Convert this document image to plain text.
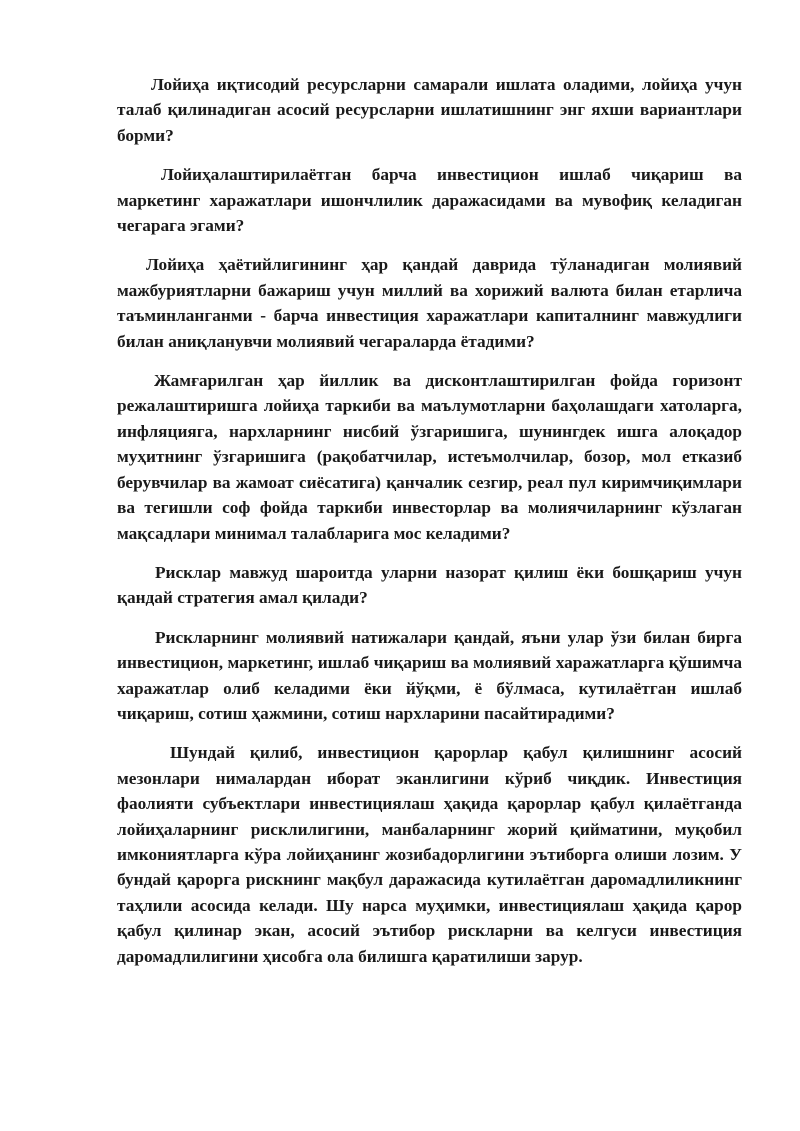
Лойиҳа иқтисодий ресурсларни самарали ишлата оладими, лойиҳа учун талаб қилинадиган асосий ресурсларни ишлатишнинг энг яхши вариантлари борми?

Лойиҳалаштирилаётган барча инвестицион ишлаб чиқариш ва маркетинг харажатлари ишончлилик даражасидами ва мувофиқ келадиган чегарага эгами?

Лойиҳа ҳаётийлигининг ҳар қандай даврида тўланадиган молиявий мажбуриятларни бажариш учун миллий ва хорижий валюта билан етарлича таъминланганми - барча инвестиция харажатлари капиталнинг мавжудлиги билан аниқланувчи молиявий чегараларда ётадими?

Жамғарилган ҳар йиллик ва дисконтлаштирилган фойда горизонт режалаштиришга лойиҳа таркиби ва маълумотларни баҳолашдаги хатоларга, инфляцияга, нархларнинг нисбий ўзгаришига, шунингдек ишга алоқадор муҳитнинг ўзгаришига (рақобатчилар, истеъмолчилар, бозор, мол етказиб берувчилар ва жамоат сиёсатига) қанчалик сезгир, реал пул киримчиқимлари ва тегишли соф фойда таркиби инвесторлар ва молиячиларнинг кўзлаган мақсадлари минимал талабларига мос келадими?

Рисклар мавжуд шароитда уларни назорат қилиш ёки бошқариш учун қандай стратегия амал қилади?

Рискларнинг молиявий натижалари қандай, яъни улар ўзи билан бирга инвестицион, маркетинг, ишлаб чиқариш ва молиявий харажатларга қўшимча харажатлар олиб келадими ёки йўқми, ё бўлмаса, кутилаётган ишлаб чиқариш, сотиш ҳажмини, сотиш нархларини пасайтирадими?

Шундай қилиб, инвестицион қарорлар қабул қилишнинг асосий мезонлари нималардан иборат эканлигини кўриб чиқдик. Инвестиция фаолияти субъектлари инвестициялаш ҳақида қарорлар қабул қилаётганда лойиҳаларнинг рисклилигини, манбаларнинг жорий қийматини, муқобил имкониятларга кўра лойиҳанинг жозибадорлигини эътиборга олиши лозим. У бундай қарорга рискнинг мақбул даражасида кутилаётган даромадлиликнинг таҳлили асосида келади. Шу нарса муҳимки, инвестициялаш ҳақида қарор қабул қилинар экан, асосий эътибор рискларни ва келгуси инвестиция даромадлилигини ҳисобга ола билишга қаратилиши зарур.
